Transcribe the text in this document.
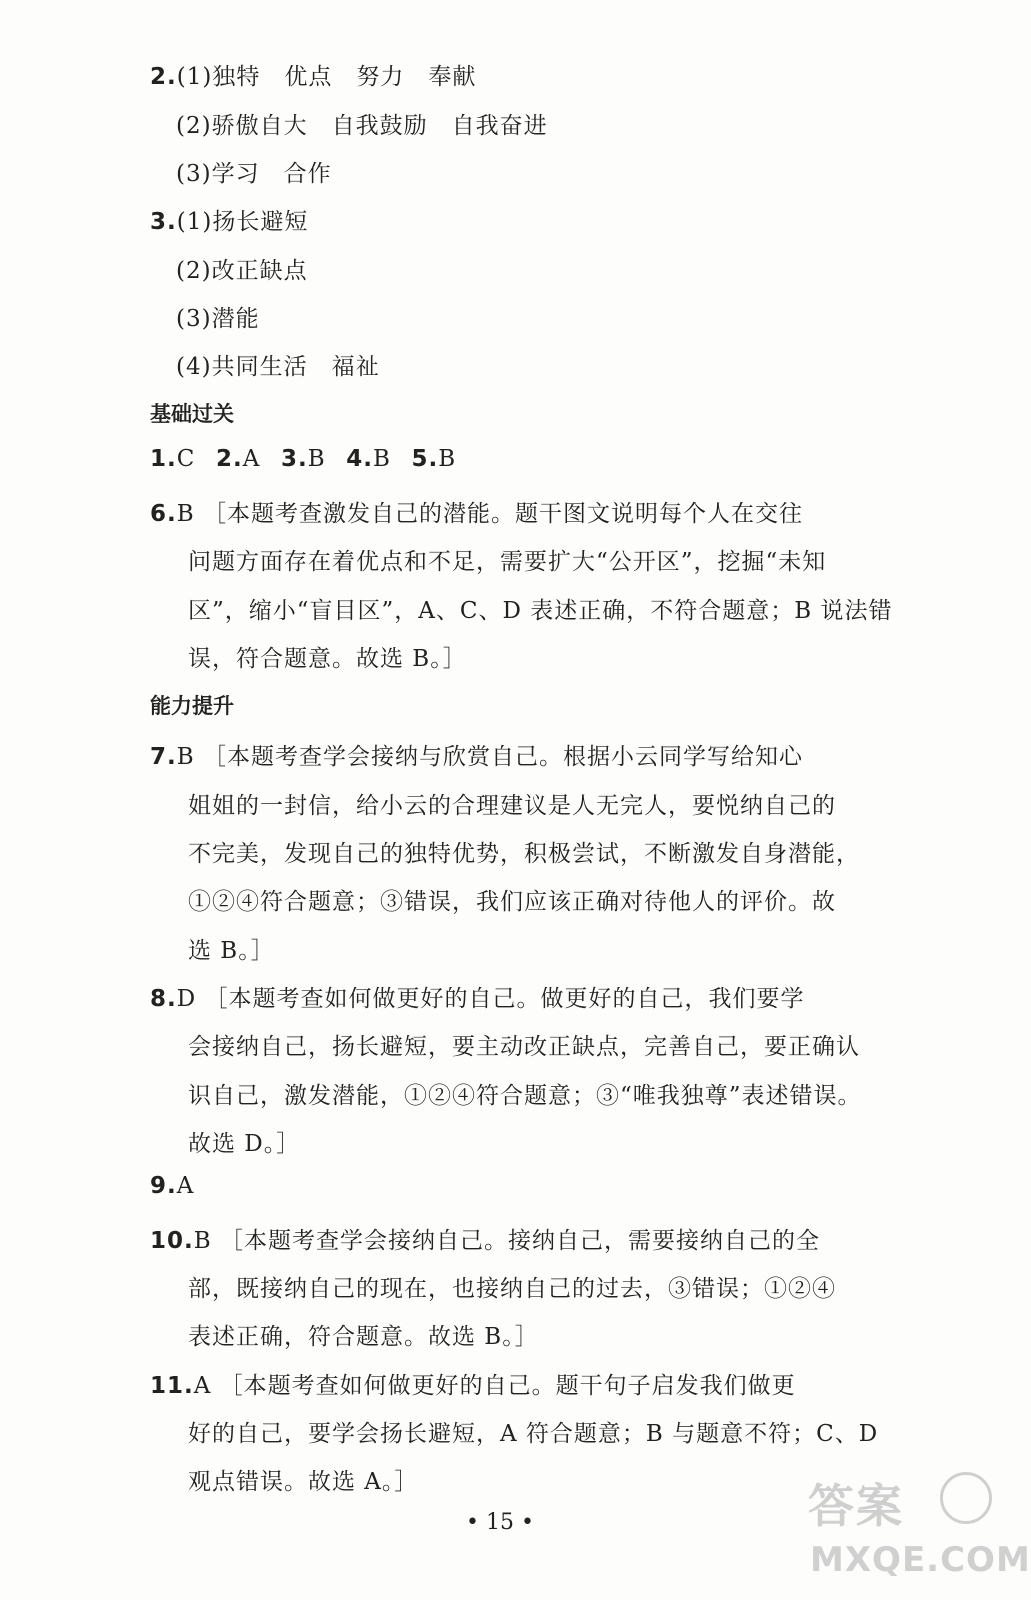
2.(1)独特　优点　努力　奉献
(2)骄傲自大　自我鼓励　自我奋进
(3)学习　合作
3.(1)扬长避短
(2)改正缺点
(3)潜能
(4)共同生活　福祉
基础过关
1.C 2.A 3.B 4.B 5.B
6.B ［本题考查激发自己的潜能。题干图文说明每个人在交往
问题方面存在着优点和不足，需要扩大“公开区”，挖掘“未知
区”，缩小“盲目区”，A、C、D 表述正确，不符合题意；B 说法错
误，符合题意。故选 B。］
能力提升
7.B ［本题考查学会接纳与欣赏自己。根据小云同学写给知心
姐姐的一封信，给小云的合理建议是人无完人，要悦纳自己的
不完美，发现自己的独特优势，积极尝试，不断激发自身潜能，
①②④符合题意；③错误，我们应该正确对待他人的评价。故
选 B。］
8.D ［本题考查如何做更好的自己。做更好的自己，我们要学
会接纳自己，扬长避短，要主动改正缺点，完善自己，要正确认
识自己，激发潜能，①②④符合题意；③“唯我独尊”表述错误。
故选 D。］
9.A
10.B ［本题考查学会接纳自己。接纳自己，需要接纳自己的全
部，既接纳自己的现在，也接纳自己的过去，③错误；①②④
表述正确，符合题意。故选 B。］
11.A ［本题考查如何做更好的自己。题干句子启发我们做更
好的自己，要学会扬长避短，A 符合题意；B 与题意不符；C、D
观点错误。故选 A。］
• 15 •	答案
MXQE.COM
